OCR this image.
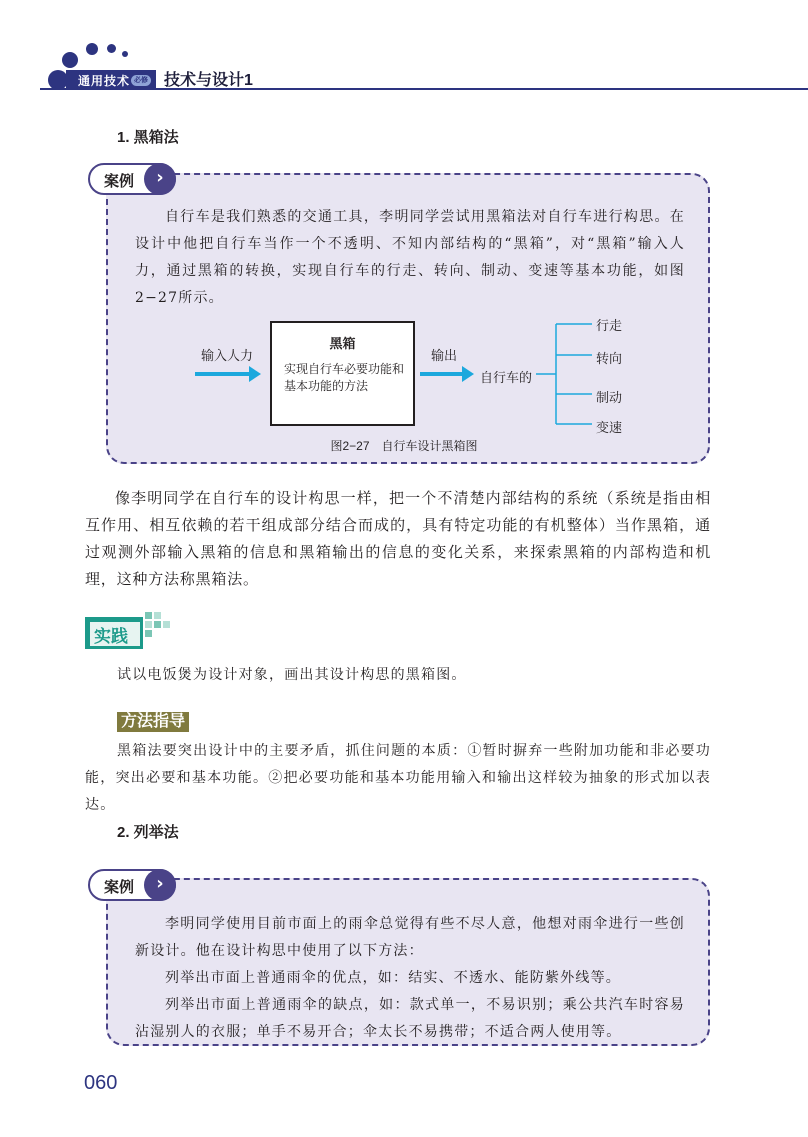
通用技术 必修 技术与设计1
1. 黑箱法
案例	›
自行车是我们熟悉的交通工具，李明同学尝试用黑箱法对自行车进行构思。在设计中他把自行车当作一个不透明、不知内部结构的“黑箱”，对“黑箱”输入人力，通过黑箱的转换，实现自行车的行走、转向、制动、变速等基本功能，如图2−27所示。
输入人力
黑箱
实现自行车必要功能和基本功能的方法
输出
自行车的
行走
转向
制动
变速
图2−27　自行车设计黑箱图
像李明同学在自行车的设计构思一样，把一个不清楚内部结构的系统（系统是指由相互作用、相互依赖的若干组成部分结合而成的，具有特定功能的有机整体）当作黑箱，通过观测外部输入黑箱的信息和黑箱输出的信息的变化关系，来探索黑箱的内部构造和机理，这种方法称黑箱法。
实践
试以电饭煲为设计对象，画出其设计构思的黑箱图。
方法指导
黑箱法要突出设计中的主要矛盾，抓住问题的本质：①暂时摒弃一些附加功能和非必要功能，突出必要和基本功能。②把必要功能和基本功能用输入和输出这样较为抽象的形式加以表达。
2. 列举法
案例	›
李明同学使用目前市面上的雨伞总觉得有些不尽人意，他想对雨伞进行一些创新设计。他在设计构思中使用了以下方法：
列举出市面上普通雨伞的优点，如：结实、不透水、能防紫外线等。
列举出市面上普通雨伞的缺点，如：款式单一，不易识别；乘公共汽车时容易沾湿别人的衣服；单手不易开合；伞太长不易携带；不适合两人使用等。
060
